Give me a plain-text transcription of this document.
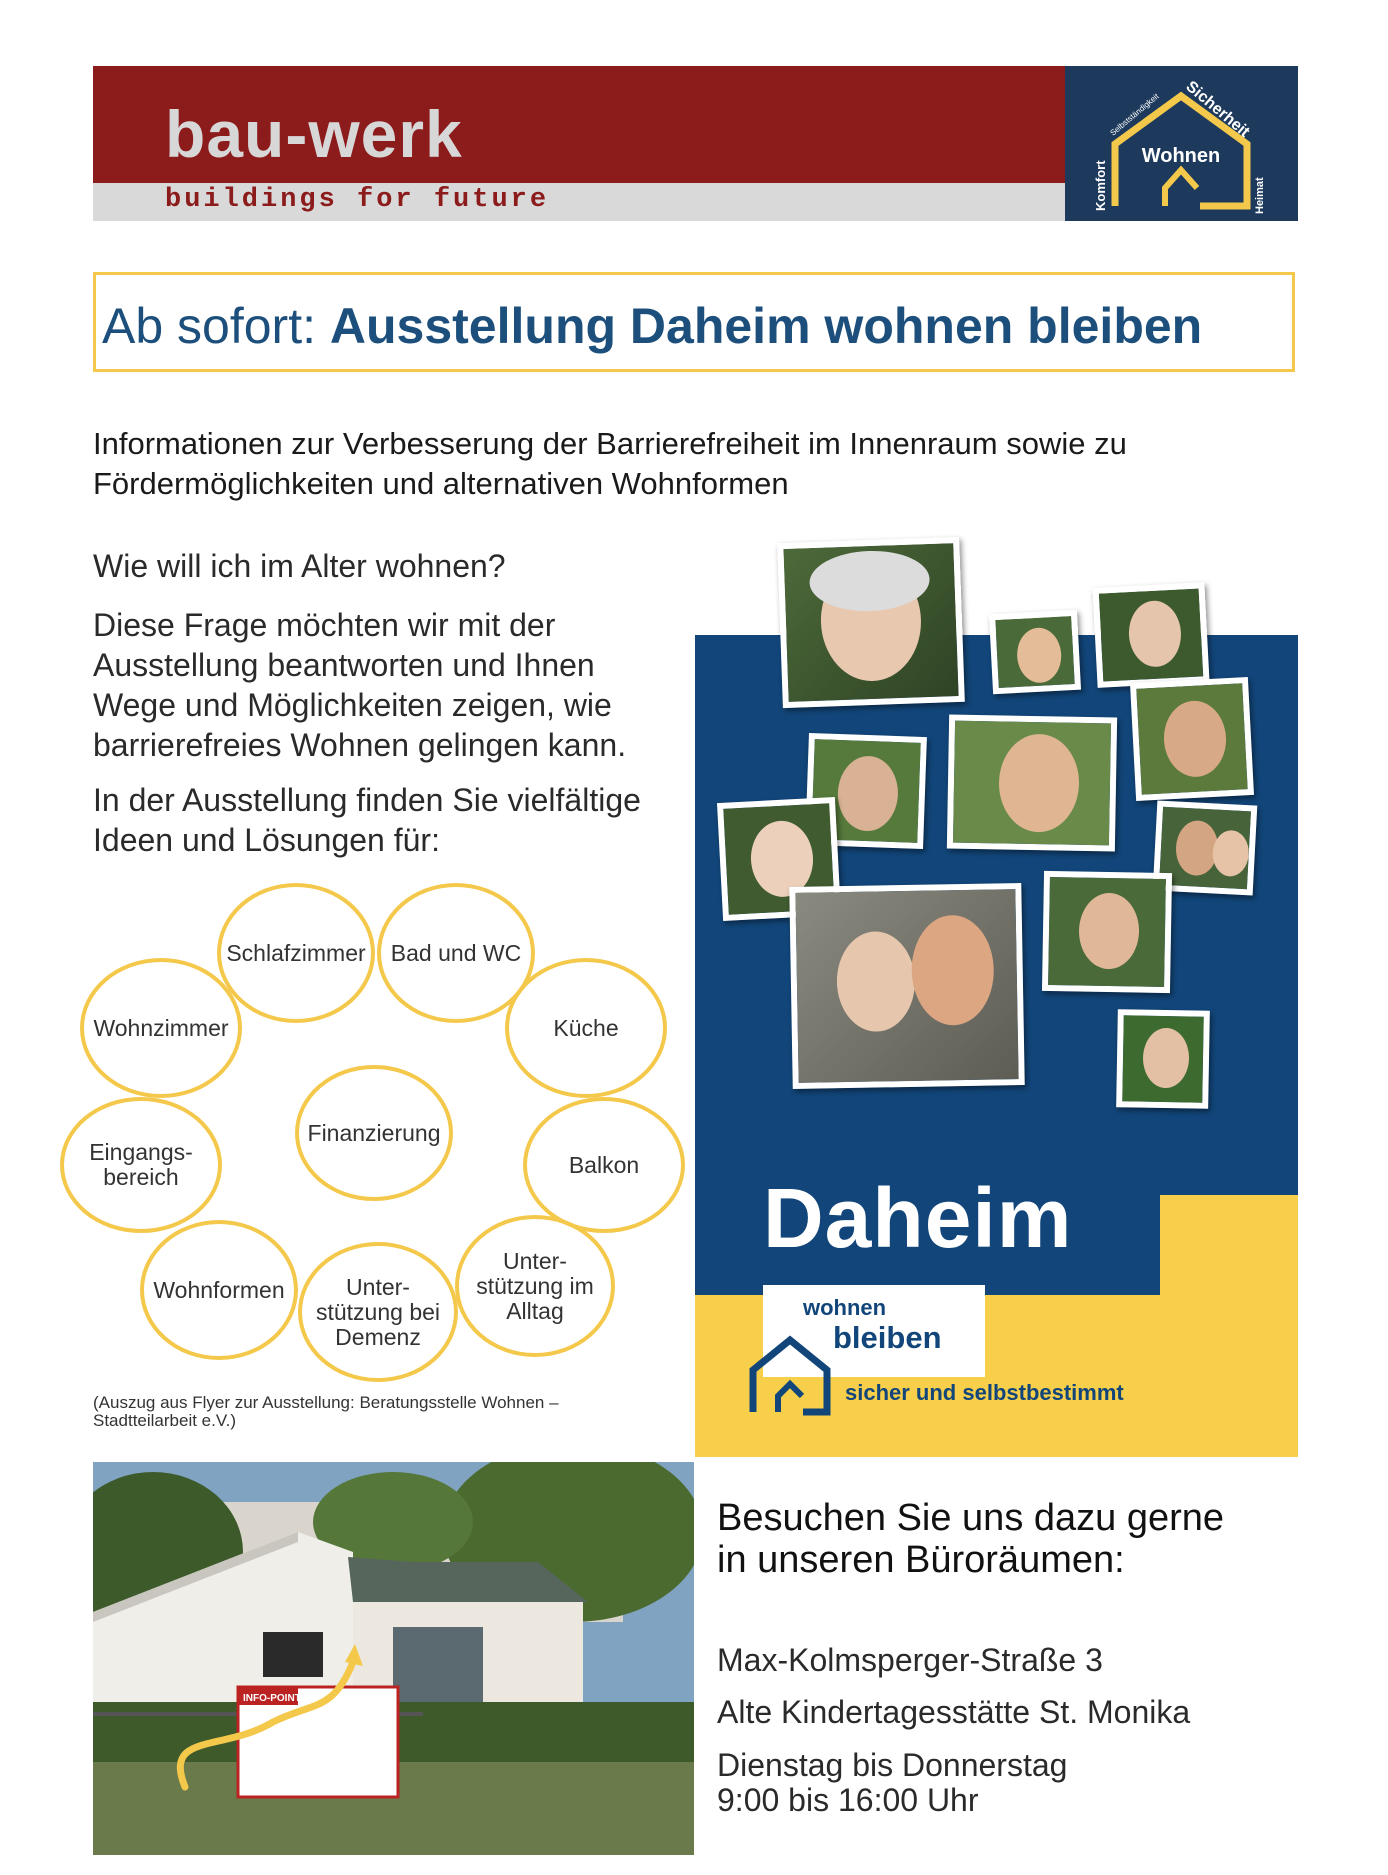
bau-werk
buildings for future
Wohnen
Komfort
Selbstständigkeit Sicherheit
Heimat
Ab sofort: Ausstellung Daheim wohnen bleiben
Informationen zur Verbesserung der Barrierefreiheit im Innenraum sowie zu
Fördermöglichkeiten und alternativen Wohnformen
Wie will ich im Alter wohnen?
Diese Frage möchten wir mit der
Ausstellung beantworten und Ihnen
Wege und Möglichkeiten zeigen, wie
barrierefreies Wohnen gelingen kann.
In der Ausstellung finden Sie vielfältige
Ideen und Lösungen für:
Schlafzimmer Bad und WC
Wohnzimmer	Küche
Finanzierung
Eingangs-
bereich	Balkon
Wohnformen	Unter-
stützung bei
Demenz
Unter-
stützung im
Alltag
(Auszug aus Flyer zur Ausstellung: Beratungsstelle Wohnen –
Stadtteilarbeit e.V.)
Daheim
wohnen
bleiben
sicher und selbstbestimmt
INFO-POINT
Besuchen Sie uns dazu gerne
in unseren Büroräumen:
Max-Kolmsperger-Straße 3
Alte Kindertagesstätte St. Monika
Dienstag bis Donnerstag
9:00 bis 16:00 Uhr
